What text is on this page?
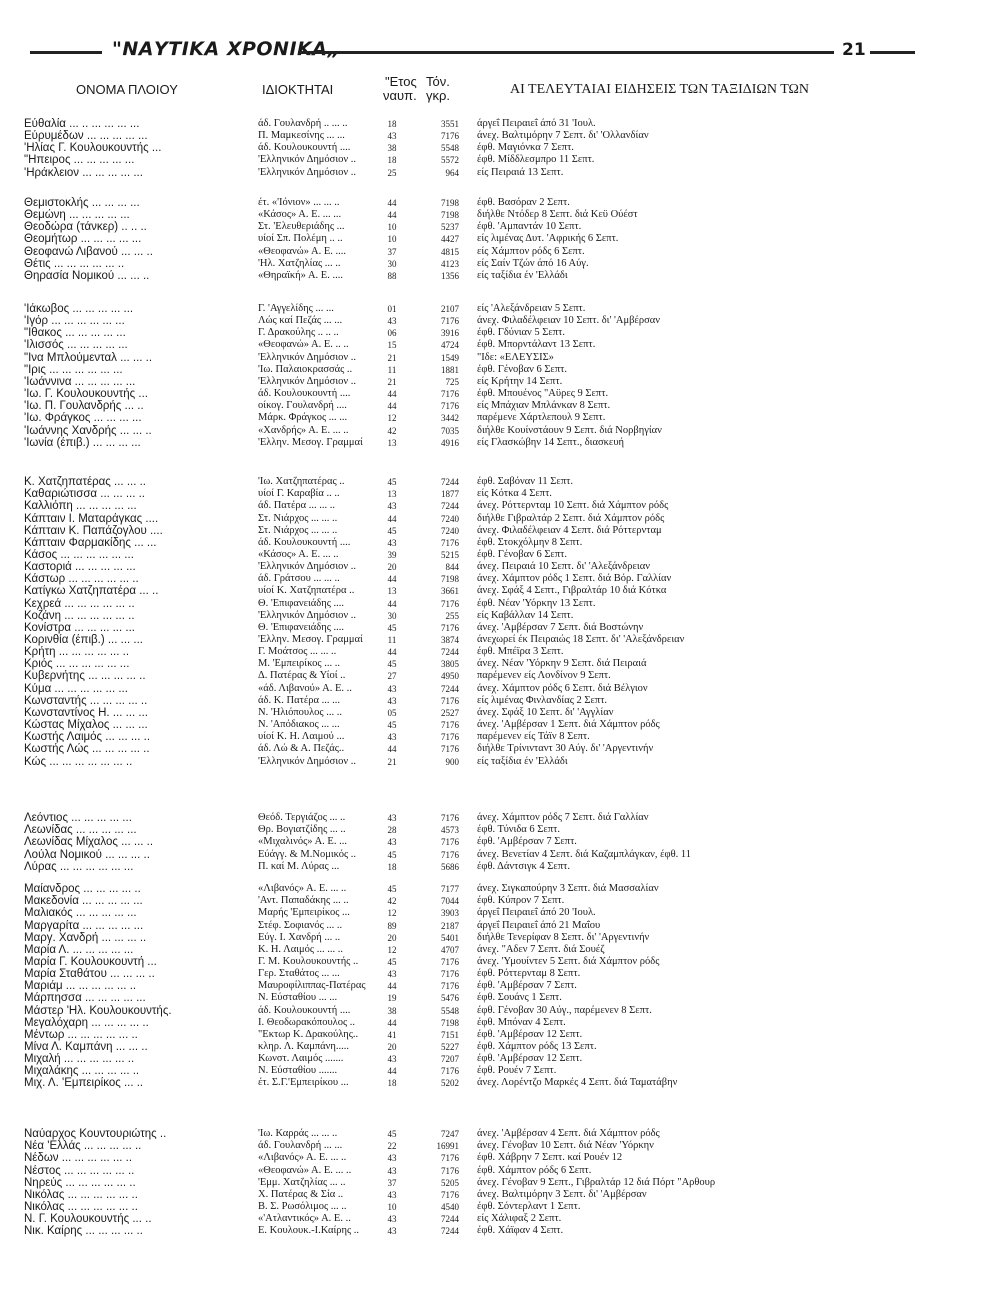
"ΝΑΥΤΙΚΑ ΧΡΟΝΙΚΑ„	21
ΟΝΟΜΑ ΠΛΟΙΟΥ	ΙΔΙΟΚΤΗΤΑΙ
"Ετος
ναυπ.
Τόν.
γκρ.	ΑΙ ΤΕΛΕΥΤΑΙΑΙ ΕΙΔΗΣΕΙΣ ΤΩΝ ΤΑΞΙΔΙΩΝ ΤΩΝ
Εύθαλία ... .. ... ... ... ...	άδ. Γουλανδρή .. ... ..	18	3551 άργεΐ Πειραιεΐ άπό 31 'Ιουλ.
Εύρυμέδων ... ... ... ... ...	Π. Μαμκεσίνης ... ...	43	7176 άνεχ. Βαλτιμόρην 7 Σεπτ. δι' 'Ολλανδίαν
'Ηλίας Γ. Κουλουκουντής ...	άδ. Κουλουκουντή ....	38	5548 έφθ. Μαγιόνκα 7 Σεπτ.
"Ηπειρος ... ... ... ... ...	'Ελληνικόν Δημόσιον ..	18	5572 έφθ. Μίδδλεσμπρο 11 Σεπτ.
'Ηράκλειον ... ... ... ... ...	'Ελληνικόν Δημόσιον ..	25	964 είς Πειραιά 13 Σεπτ.
Θεμιστοκλής ... ... ... ...	έτ. «'Ιόνιον» ... ... ..	44	7198 έφθ. Βασόραν 2 Σεπτ.
Θεμώνη ... ... ... ... ...	«Κάσος» Α. Ε. ... ...	44	7198 διήλθε Ντόδερ 8 Σεπτ. διά Κεϋ Ούέστ
Θεοδώρα (τάνκερ) .. .. ..	Στ. 'Ελευθεριάδης ...	10	5237 έφθ. 'Αμπαντάν 10 Σεπτ.
Θεομήτωρ ... ... ... ... ...	υίοί Σπ. Πολέμη .. ..	10	4427 είς λιμένας Δυτ. 'Αφρικής 6 Σεπτ.
Θεοφανώ Λιβανού ... ... ..	«Θεοφανώ» Α. Ε. ....	37	4815 είς Χάμπτον ρόδς 6 Σεπτ.
Θέτις ... ... ... ... ... ..	'Ηλ. Χατζηλίας ... ..	30	4123 είς Σαίν Τζών άπό 16 Αύγ.
Θηρασία Νομικού ... ... ..	«Θηραϊκή» Α. Ε. ....	88	1356 είς ταξίδια έν 'Ελλάδι
'Ιάκωβος ... ... ... ... ...	Γ. 'Αγγελίδης ... ...	01	2107 είς 'Αλεξάνδρειαν 5 Σεπτ.
'Ιγόρ ... ... ... ... ... ...	Λώς καί Πεζάς ... ...	43	7176 άνεχ. Φιλαδέλφειαν 10 Σεπτ. δι' 'Αμβέρσαν
"Ιθακος ... ... ... ... ...	Γ. Δρακούλης .. .. ..	06	3916 έφθ. Γδύνιαν 5 Σεπτ.
'Ιλισσός ... ... ... ... ...	«Θεοφανώ» Α. Ε. .. ..	15	4724 έφθ. Μπορντάλαντ 13 Σεπτ.
"Ινα Μπλούμενταλ ... ... ..	'Ελληνικόν Δημόσιον ..	21	1549 "Ιδε: «ΕΛΕΥΣΙΣ»
"Ιρις ... ... ... ... ... ...	'Ιω. Παλαιοκρασσάς ..	11	1881 έφθ. Γένοβαν 6 Σεπτ.
'Ιωάννινα ... ... ... ... ...	'Ελληνικόν Δημόσιον ..	21	725 είς Κρήτην 14 Σεπτ.
'Ιω. Γ. Κουλουκουντής ...	άδ. Κουλουκουντή ....	44	7176 έφθ. Μπουένος "Αϋρες 9 Σεπτ.
'Ιω. Π. Γουλανδρής ... ..	οίκογ. Γουλανδρή ....	44	7176 είς Μπάχιαν Μπλάνκαν 8 Σεπτ.
'Ιω. Φράγκος ... ... ... ...	Μάρκ. Φράγκος ... ...	12	3442 παρέμενε Χάρτλεπουλ 9 Σεπτ.
'Ιωάννης Χανδρής ... ... ..	«Χανδρής» Α. Ε. ... ..	42	7035 διήλθε Κουίνστάουν 9 Σεπτ. διά Νορβηγίαν
'Ιωνία (έπιβ.) ... ... ... ...	'Ελλην. Μεσογ. Γραμμαί	13	4916 είς Γλασκώβην 14 Σεπτ., διασκευή
Κ. Χατζηπατέρας ... ... ..	'Ιω. Χατζηπατέρας ..	45	7244 έφθ. Σαβόναν 11 Σεπτ.
Καθαριώτισσα ... ... ... ..	υίοί Γ. Καραβία .. ..	13	1877 είς Κότκα 4 Σεπτ.
Καλλιόπη ... ... ... ... ...	άδ. Πατέρα ... ... ..	43	7244 άνεχ. Ρόττερνταμ 10 Σεπτ. διά Χάμπτον ρόδς
Κάπταιν Ι. Ματαράγκας ....	Στ. Νιάρχος ... ... ..	44	7240 διήλθε Γιβραλτάρ 2 Σεπτ. διά Χάμπτον ρόδς
Κάπταιν Κ. Παπάζογλου ....	Στ. Νιάρχος ... ... ..	45	7240 άνεχ. Φιλαδέλφειαν 4 Σεπτ. διά Ρόττερνταμ
Κάπταιν Φαρμακίδης ... ...	άδ. Κουλουκουντή ....	43	7176 έφθ. Στοκχόλμην 8 Σεπτ.
Κάσος ... ... ... ... ... ...	«Κάσος» Α. Ε. ... ..	39	5215 έφθ. Γένοβαν 6 Σεπτ.
Καστοριά ... ... ... ... ...	'Ελληνικόν Δημόσιον ..	20	844 άνεχ. Πειραιά 10 Σεπτ. δι' 'Αλεξάνδρειαν
Κάστωρ ... ... ... ... ... ..	άδ. Γράτσου ... ... ..	44	7198 άνεχ. Χάμπτον ρόδς 1 Σεπτ. διά Βόρ. Γαλλίαν
Κατίγκω Χατζηπατέρα ... ..	υίοί Κ. Χατζηπατέρα ..	13	3661 άνεχ. Σφάξ 4 Σεπτ., Γιβραλτάρ 10 διά Κότκα
Κεχρεά ... ... ... ... ... ..	Θ. 'Επιφανειάδης ....	44	7176 έφθ. Νέαν 'Υόρκην 13 Σεπτ.
Κοζάνη ... ... ... ... ... ..	'Ελληνικόν Δημόσιον ..	30	255 είς Καβάλλαν 14 Σεπτ.
Κονίστρα ... ... ... ... ...	Θ. 'Επιφανειάδης ....	45	7176 άνεχ. 'Αμβέρσαν 7 Σεπτ. διά Βοστώνην
Κορινθία (έπιβ.) ... ... ...	'Ελλην. Μεσογ. Γραμμαί	11	3874 άνεχωρεί έκ Πειραιώς 18 Σεπτ. δι' 'Αλεξάνδρειαν
Κρήτη ... ... ... ... ... ..	Γ. Μοάτσος ... ... ..	44	7244 έφθ. Μπέϊρα 3 Σεπτ.
Κριός ... ... ... ... ... ...	Μ. 'Εμπειρίκος ... ..	45	3805 άνεχ. Νέαν 'Υόρκην 9 Σεπτ. διά Πειραιά
Κυβερνήτης ... ... ... ... ..	Δ. Πατέρας & Υίοί ..	27	4950 παρέμενεν είς Λονδίνον 9 Σεπτ.
Κύμα ... ... ... ... ... ...	«άδ. Λιβανού» Α. Ε. ..	43	7244 άνεχ. Χάμπτον ρόδς 6 Σεπτ. διά Βέλγιον
Κωνσταντής ... ... ... ... ..	άδ. Κ. Πατέρα ... ...	43	7176 είς λιμένας Φινλανδίας 2 Σεπτ.
Κωνσταντίνος Η. ... ... ...	Ν. 'Ηλιόπουλος ... ..	05	2527 άνεχ. Σφάξ 10 Σεπτ. δι' 'Αγγλίαν
Κώστας Μίχαλος ... ... ...	Ν. 'Απόδιακος ... ...	45	7176 άνεχ. 'Αμβέρσαν 1 Σεπτ. διά Χάμπτον ρόδς
Κωστής Λαιμός ... ... ... ..	υίοί Κ. Η. Λαιμού ...	43	7176 παρέμενεν είς Τάϊν 8 Σεπτ.
Κωστής Λώς ... ... ... ... ..	άδ. Λώ & Α. Πεζάς..	44	7176 διήλθε Τρίνινταντ 30 Αύγ. δι' 'Αργεντινήν
Κώς ... ... ... ... ... ... ..	'Ελληνικόν Δημόσιον ..	21	900 είς ταξίδια έν 'Ελλάδι
Λεόντιος ... ... ... ... ...	Θεόδ. Τεργιάζος ... ..	43	7176 άνεχ. Χάμπτον ρόδς 7 Σεπτ. διά Γαλλίαν
Λεωνίδας ... ... ... ... ...	Θρ. Βογιατζίδης ... ..	28	4573 έφθ. Τύνιδα 6 Σεπτ.
Λεωνίδας Μίχαλος ... ... ..	«Μιχαλινός» Α. Ε. ...	43	7176 έφθ. 'Αμβέρσαν 7 Σεπτ.
Λούλα Νομικού ... ... ... ..	Εύάγγ. & Μ.Νομικός ..	45	7176 άνεχ. Βενετίαν 4 Σεπτ. διά Καζαμπλάγκαν, έφθ. 11
Λύρας ... ... ... ... ... ...	Π. καί Μ. Λύρας ...	18	5686 έφθ. Δάντσιγκ 4 Σεπτ.
Μαίανδρος ... ... ... ... ..	«Λιβανός» Α. Ε. ... ..	45	7177 άνεχ. Σιγκαπούρην 3 Σεπτ. διά Μασσαλίαν
Μακεδονία ... ... ... ... ...	'Αντ. Παπαδάκης ... ..	42	7044 έφθ. Κύπρον 7 Σεπτ.
Μαλιακός ... ... ... ... ...	Μαρής 'Εμπειρίκος ...	12	3903 άργεΐ Πειραιεΐ άπό 20 'Ιουλ.
Μαργαρίτα ... ... ... ... ...	Στέφ. Σοφιανός ... ..	89	2187 άργεΐ Πειραιεΐ άπό 21 Μαΐου
Μαργ. Χανδρή ... ... ... ..	Εύγ. Ι. Χανδρή ... ..	20	5401 διήλθε Τενερίφαν 8 Σεπτ. δι' 'Αργεντινήν
Μαρία Λ. ... ... ... ... ...	Κ. Η. Λαιμός ... ... ..	12	4707 άνεχ. "Αδεν 7 Σεπτ. διά Σουέζ
Μαρία Γ. Κουλουκουντή ...	Γ. Μ. Κουλουκουντής ..	45	7176 άνεχ. 'Υμουίντεν 5 Σεπτ. διά Χάμπτον ρόδς
Μαρία Σταθάτου ... ... ... ..	Γερ. Σταθάτος ... ...	43	7176 έφθ. Ρόττερνταμ 8 Σεπτ.
Μαριάμ ... ... ... ... ... ..	Μαυροφίλιππας-Πατέρας	44	7176 έφθ. 'Αμβέρσαν 7 Σεπτ.
Μάρπησσα ... ... ... ... ...	Ν. Εύσταθίου ... ...	19	5476 έφθ. Σουάνς 1 Σεπτ.
Μάστερ 'Ηλ. Κουλουκουντής.	άδ. Κουλουκουντή ....	38	5548 έφθ. Γένοβαν 30 Αύγ., παρέμενεν 8 Σεπτ.
Μεγαλόχαρη ... ... ... ... ..	Ι. Θεοδωρακόπουλος ..	44	7198 έφθ. Μπόναν 4 Σεπτ.
Μέντωρ ... ... ... ... ... ..	"Εκτωρ Κ. Δρακούλης..	41	7151 έφθ. 'Αμβέρσαν 12 Σεπτ.
Μίνα Λ. Καμπάνη ... ... ..	κληρ. Λ. Καμπάνη.....	20	5227 έφθ. Χάμπτον ρόδς 13 Σεπτ.
Μιχαλή ... ... ... ... ... ..	Κωνστ. Λαιμός .......	43	7207 έφθ. 'Αμβέρσαν 12 Σεπτ.
Μιχαλάκης ... ... ... ... ..	Ν. Εύσταθίου .......	44	7176 έφθ. Ρουέν 7 Σεπτ.
Μιχ. Λ. 'Εμπειρίκος ... ..	έτ. Σ.Γ.'Εμπειρίκου ...	18	5202 άνεχ. Λορέντζο Μαρκές 4 Σεπτ. διά Ταματάβην
Ναύαρχος Κουντουριώτης ..	'Ιω. Καρράς ... ... ..	45	7247 άνεχ. 'Αμβέρσαν 4 Σεπτ. διά Χάμπτον ρόδς
Νέα 'Ελλάς ... ... ... ... ..	άδ. Γουλανδρή ... ...	22	16991 άνεχ. Γένοβαν 10 Σεπτ. διά Νέαν 'Υόρκην
Νέδων ... ... ... ... ... ..	«Λιβανός» Α. Ε. ... ..	43	7176 έφθ. Χάβρην 7 Σεπτ. καί Ρουέν 12
Νέστος ... ... ... ... ... ..	«Θεοφανώ» Α. Ε. ... ..	43	7176 έφθ. Χάμπτον ρόδς 6 Σεπτ.
Νηρεύς ... ... ... ... ... ..	'Εμμ. Χατζηλίας ... ..	37	5205 άνεχ. Γένοβαν 9 Σεπτ., Γιβραλτάρ 12 διά Πόρτ "Αρθουρ
Νικόλας ... ... ... ... ... ..	Χ. Πατέρας & Σία ..	43	7176 άνεχ. Βαλτιμόρην 3 Σεπτ. δι' 'Αμβέρσαν
Νικόλας ... ... ... ... ... ..	Β. Σ. Ρωσόλιμος ... ..	10	4540 έφθ. Σόντερλαντ 1 Σεπτ.
Ν. Γ. Κουλουκουντής ... ..	«'Ατλαντικός» Α. Ε. ..	43	7244 είς Χάλιφαξ 2 Σεπτ.
Νικ. Καίρης ... ... ... ... ..	Ε. Κουλουκ.-Ι.Καίρης ..	43	7244 έφθ. Χάϊφαν 4 Σεπτ.
